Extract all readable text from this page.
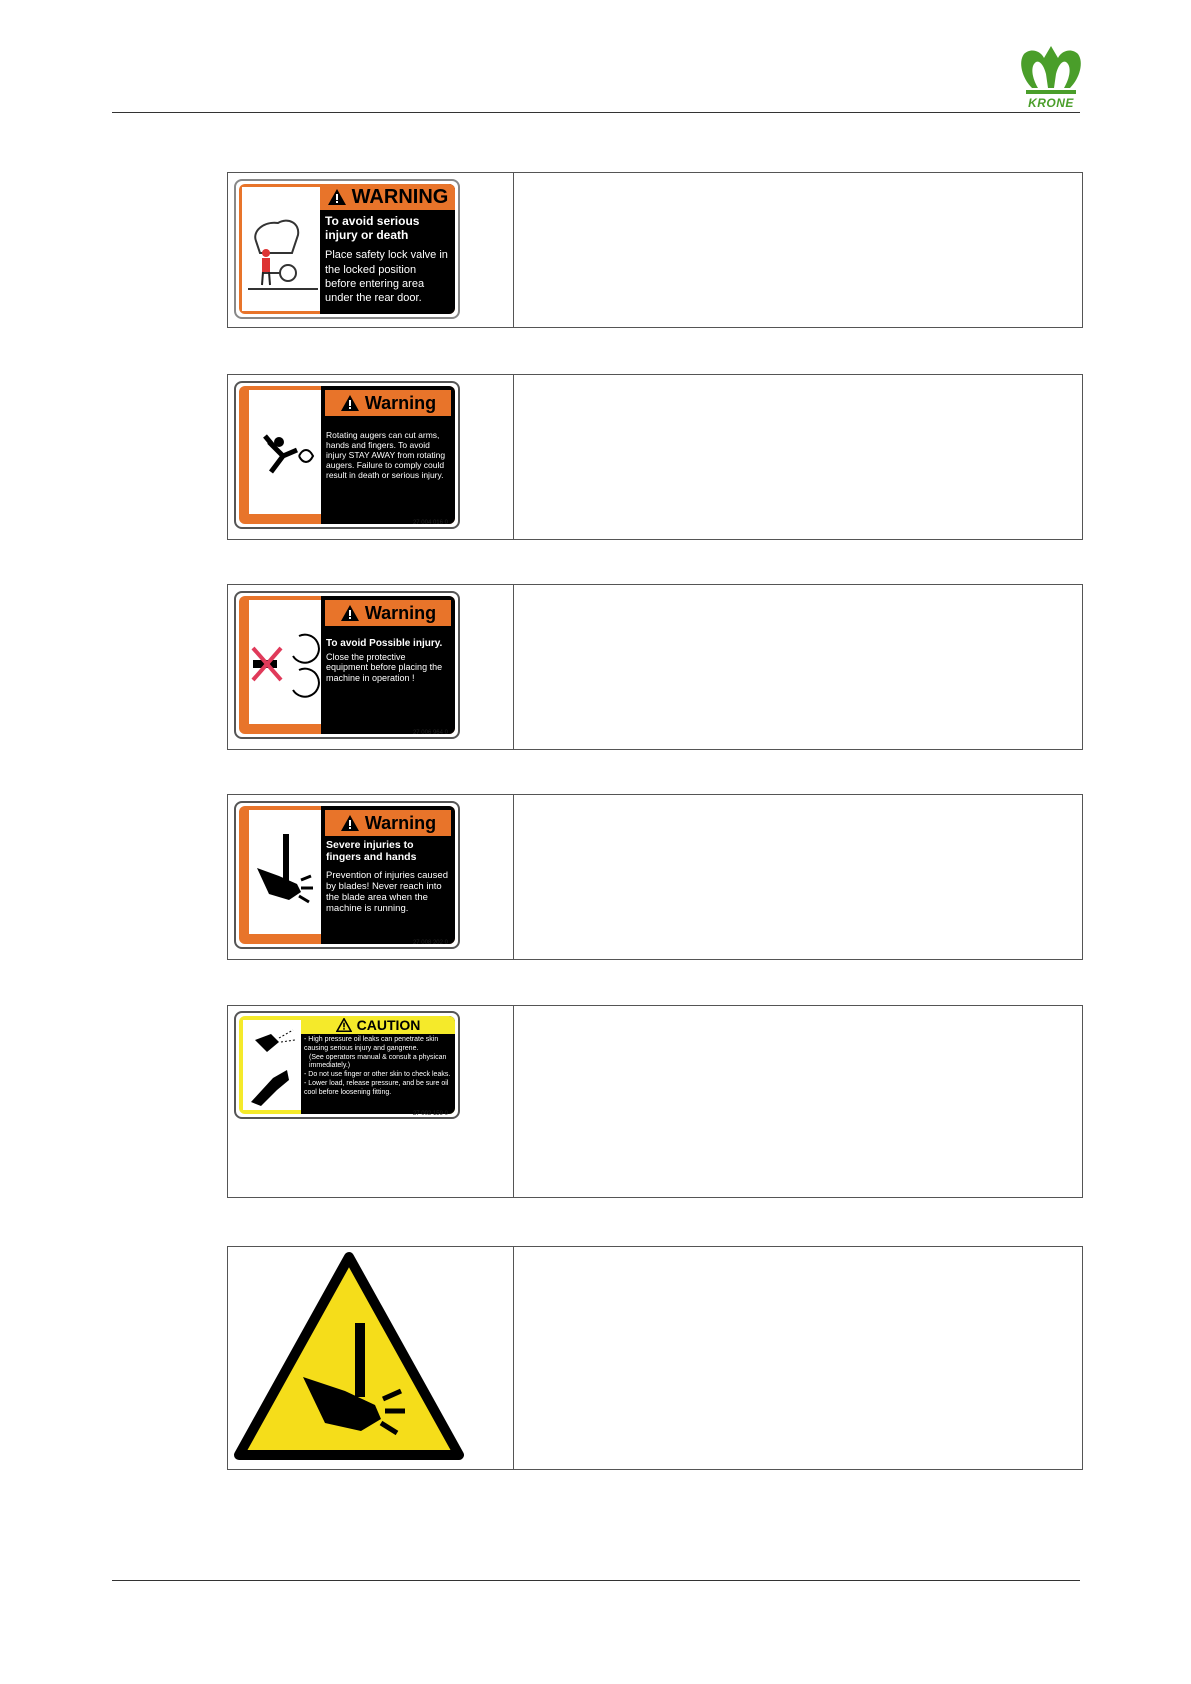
KRONE
WARNING
To avoid serious injury or death
Place safety lock valve in the locked position before entering area under the rear door.
Warning
Rotating augers can cut arms, hands and fingers. To avoid injury STAY AWAY from rotating augers. Failure to comply could result in death or serious injury.
27 004 016 0
Warning
To avoid Possible injury.
Close the protective equipment before placing the machine in operation !
27 006 964 0
Warning
Severe injuries to fingers and hands
Prevention of injuries caused by blades! Never reach into the blade area when the machine is running.
27 008 202 0
CAUTION
- High pressure oil leaks can penetrate skin causing serious injury and gangrene.
(See operators manual & consult a physican immediately.)
- Do not use finger or other skin to check leaks.
- Lower load, release pressure, and be sure oil cool before loosening fitting.
27 002 159 0
